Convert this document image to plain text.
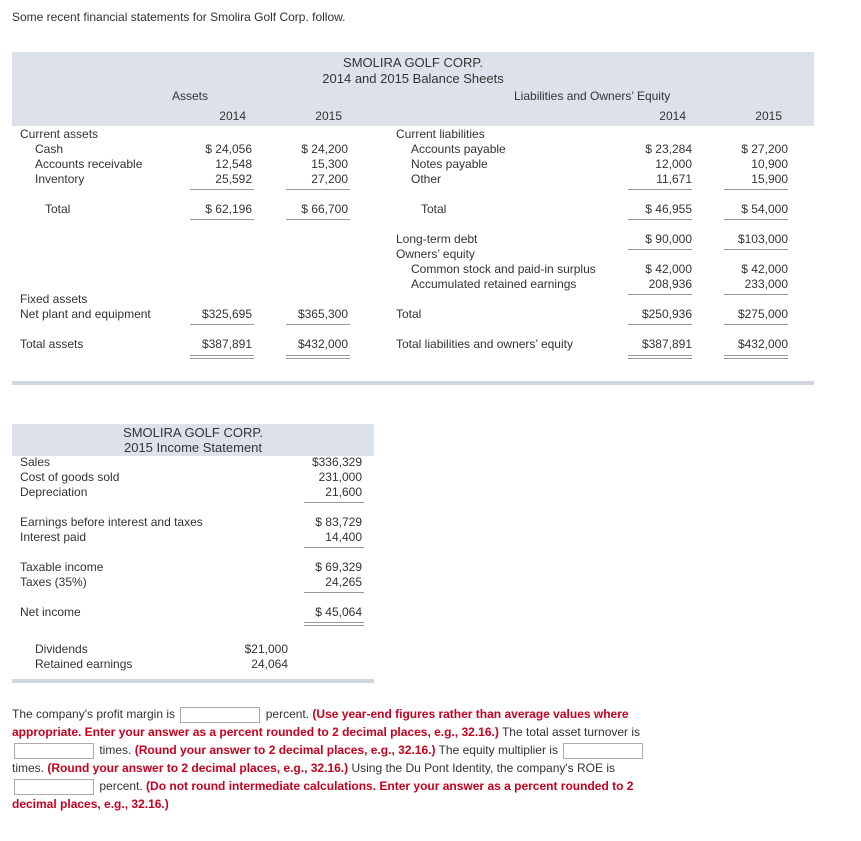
Some recent financial statements for Smolira Golf Corp. follow.
SMOLIRA GOLF CORP.
2014 and 2015 Balance Sheets
Assets	Liabilities and Owners’ Equity
2014	2015	2014	2015
Current assets
Cash	$ 24,056	$ 24,200
Accounts receivable	12,548	15,300
Inventory	25,592	27,200
Total	$ 62,196	$ 66,700
Fixed assets
Net plant and equipment	$325,695	$365,300
Total assets	$387,891	$432,000
Current liabilities
Accounts payable	$ 23,284	$ 27,200
Notes payable	12,000	10,900
Other	11,671	15,900
Total	$ 46,955	$ 54,000
Long-term debt	$ 90,000	$103,000
Owners’ equity
Common stock and paid-in surplus	$ 42,000	$ 42,000
Accumulated retained earnings	208,936	233,000
Total	$250,936	$275,000
Total liabilities and owners’ equity	$387,891	$432,000
SMOLIRA GOLF CORP.
2015 Income Statement
Sales	$336,329
Cost of goods sold	231,000
Depreciation	21,600
Earnings before interest and taxes	$ 83,729
Interest paid	14,400
Taxable income	$ 69,329
Taxes (35%)	24,265
Net income	$ 45,064
Dividends	$21,000
Retained earnings	24,064
The company's profit margin is	percent. (Use year-end figures rather than average values where appropriate. Enter your answer as a percent rounded to 2 decimal places, e.g., 32.16.) The total asset turnover is  times. (Round your answer to 2 decimal places, e.g., 32.16.) The equity multiplier is  times. (Round your answer to 2 decimal places, e.g., 32.16.) Using the Du Pont Identity, the company's ROE is  percent. (Do not round intermediate calculations. Enter your answer as a percent rounded to 2 decimal places, e.g., 32.16.)
